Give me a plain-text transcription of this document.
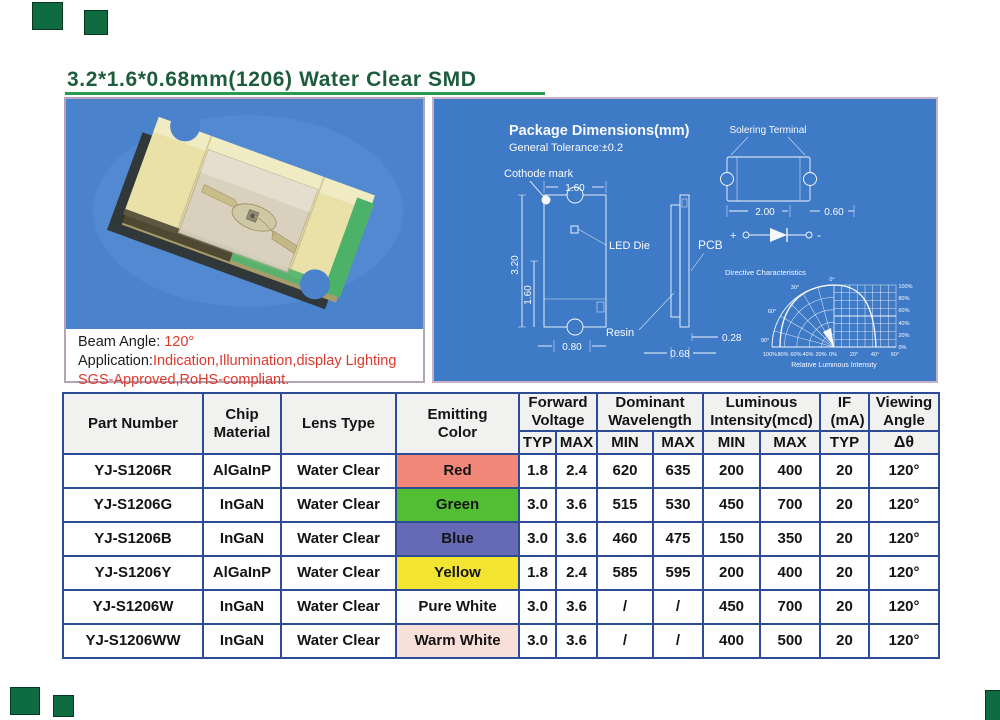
3.2*1.6*0.68mm(1206) Water Clear SMD
Beam Angle: 120°
Application:Indication,Illumination,display Lighting
SGS-Approved,RoHS-compliant.
Package Dimensions(mm)
General Tolerance:±0.2
Cothode mark
LED Die
1.60
3.20
1.60
0.80
Resin
PCB
0.28
0.68
Solering Terminal
2.00	0.60
+	-
Directive Characteristics
100%
80%
60%
40%
20%
0%
100% 80% 60% 40% 20% 0% 20° 40° 60°
0°
30°
60°
90°
Relative Luminous Intensity
Part Number	Chip Material	Lens Type	Emitting Color	Forward Voltage		Dominant Wavelength		Luminous Intensity(mcd)		IF (mA)	Viewing Angle

				TYP	MAX	MIN	MAX	MIN	MAX	TYP	Δθ
YJ-S1206R	AlGaInP	Water Clear	Red	1.8	2.4	620	635	200	400	20	120°
YJ-S1206G	InGaN	Water Clear	Green	3.0	3.6	515	530	450	700	20	120°
YJ-S1206B	InGaN	Water Clear	Blue	3.0	3.6	460	475	150	350	20	120°
YJ-S1206Y	AlGaInP	Water Clear	Yellow	1.8	2.4	585	595	200	400	20	120°
YJ-S1206W	InGaN	Water Clear	Pure White	3.0	3.6	/	/	450	700	20	120°
YJ-S1206WW	InGaN	Water Clear	Warm White	3.0	3.6	/	/	400	500	20	120°
